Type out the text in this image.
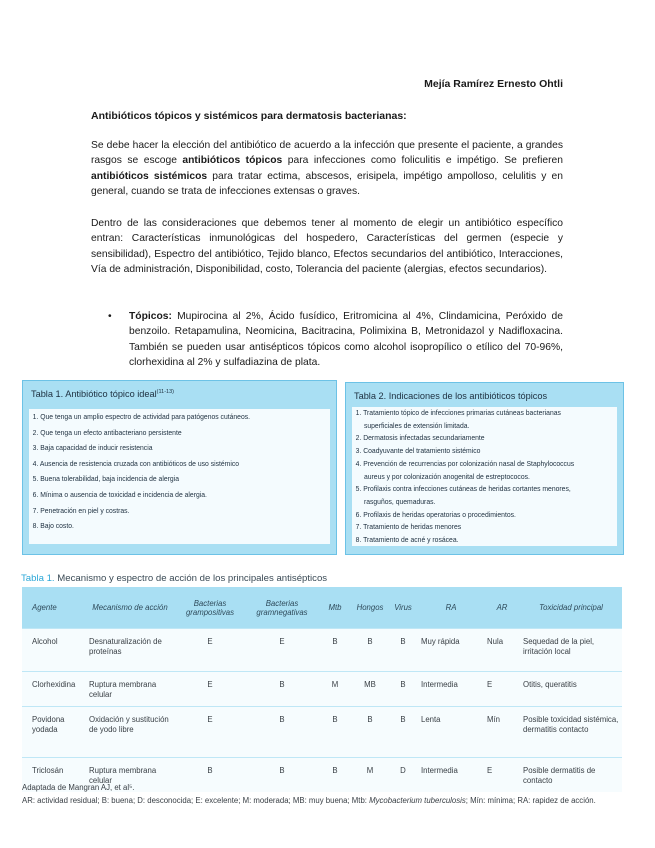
Mejía Ramírez Ernesto Ohtli
Antibióticos tópicos y sistémicos para dermatosis bacterianas:
Se debe hacer la elección del antibiótico de acuerdo a la infección que presente el paciente, a grandes rasgos se escoge antibióticos tópicos para infecciones como foliculitis e impétigo. Se prefieren antibióticos sistémicos para tratar ectima, abscesos, erisipela, impétigo ampolloso, celulitis y en general, cuando se trata de infecciones extensas o graves.
Dentro de las consideraciones que debemos tener al momento de elegir un antibiótico específico entran: Características inmunológicas del hospedero, Características del germen (especie y sensibilidad), Espectro del antibiótico, Tejido blanco, Efectos secundarios del antibiótico, Interacciones, Vía de administración, Disponibilidad, costo, Tolerancia del paciente (alergias, efectos secundarios).
• Tópicos: Mupirocina al 2%, Ácido fusídico, Eritromicina al 4%, Clindamicina, Peróxido de benzoilo. Retapamulina, Neomicina, Bacitracina, Polimixina B, Metronidazol y Nadifloxacina. También se pueden usar antisépticos tópicos como alcohol isopropílico o etílico del 70-96%, clorhexidina al 2% y sulfadiazina de plata.
Tabla 1. Antibiótico tópico ideal$^{(11-13)}$
1. Que tenga un amplio espectro de actividad para patógenos cutáneos.
2. Que tenga un efecto antibacteriano persistente
3. Baja capacidad de inducir resistencia
4. Ausencia de resistencia cruzada con antibióticos de uso sistémico
5. Buena tolerabilidad, baja incidencia de alergia
6. Mínima o ausencia de toxicidad e incidencia de alergia.
7. Penetración en piel y costras.
8. Bajo costo.
Tabla 2. Indicaciones de los antibióticos tópicos
1. Tratamiento tópico de infecciones primarias cutáneas bacterianas
superficiales de extensión limitada.
2. Dermatosis infectadas secundariamente
3. Coadyuvante del tratamiento sistémico
4. Prevención de recurrencias por colonización nasal de Staphylococcus
aureus y por colonización anogenital de estreptococos.
5. Profilaxis contra infecciones cutáneas de heridas cortantes menores,
rasguños, quemaduras.
6. Profilaxis de heridas operatorias o procedimientos.
7. Tratamiento de heridas menores
8. Tratamiento de acné y rosácea.
Tabla 1. Mecanismo y espectro de acción de los principales antisépticos
Agente	Mecanismo de acción	Bacterias grampositivas	Bacterias gramnegativas	Mtb	Hongos	Virus	RA	AR	Toxicidad principal
Alcohol	Desnaturalización de proteínas	E	E	B	B	B	Muy rápida	Nula	Sequedad de la piel, irritación local
Clorhexidina	Ruptura membrana celular	E	B	M	MB	B	Intermedia	E	Otitis, queratitis
Povidona yodada	Oxidación y sustitución de yodo libre	E	B	B	B	B	Lenta	Mín	Posible toxicidad sistémica, dermatitis contacto
Triclosán	Ruptura membrana celular	B	B	B	M	D	Intermedia	E	Posible dermatitis de contacto
Adaptada de Mangran AJ, et al⁵.
AR: actividad residual; B: buena; D: desconocida; E: excelente; M: moderada; MB: muy buena; Mtb: Mycobacterium tuberculosis; Mín: mínima; RA: rapidez de acción.
